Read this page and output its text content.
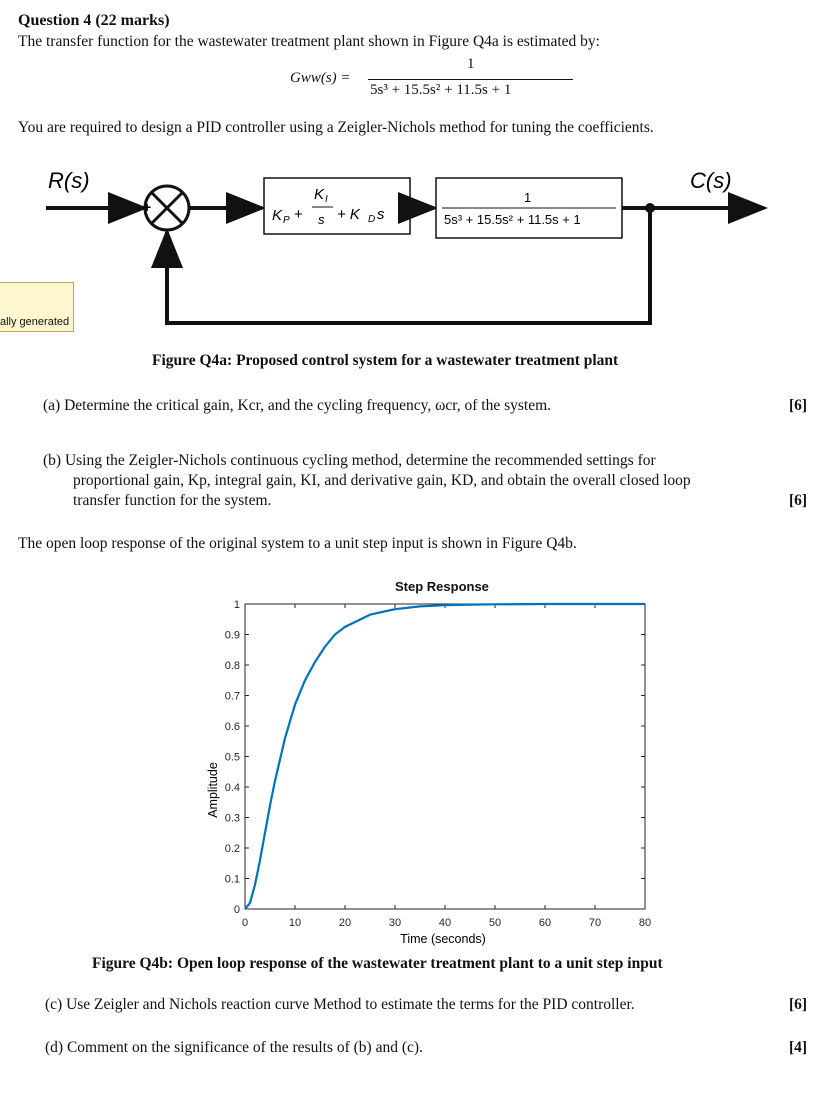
Question 4 (22 marks)
The transfer function for the wastewater treatment plant shown in Figure Q4a is estimated by:
Gww(s) =
1
5s³ + 15.5s² + 11.5s + 1
You are required to design a PID controller using a Zeigler-Nichols method for tuning the coefficients.
R(s)	C(s)
+
-
K P +
K I
s + K D s
1
5s³ + 15.5s² + 11.5s + 1
ally generated
Figure Q4a: Proposed control system for a wastewater treatment plant
(a) Determine the critical gain, Kcr, and the cycling frequency, ωcr, of the system.	[6]
(b) Using the Zeigler-Nichols continuous cycling method, determine the recommended settings for
proportional gain, Kp, integral gain, KI, and derivative gain, KD, and obtain the overall closed loop
transfer function for the system.	[6]
The open loop response of the original system to a unit step input is shown in Figure Q4b.
Step Response
0	10	20	30	40	50	60	70	80
0
0.1
0.2
0.3
0.4
0.5
0.6
0.7
0.8
0.9
1
Time (seconds)
Amplitude
Figure Q4b: Open loop response of the wastewater treatment plant to a unit step input
(c) Use Zeigler and Nichols reaction curve Method to estimate the terms for the PID controller.	[6]
(d) Comment on the significance of the results of (b) and (c).	[4]
